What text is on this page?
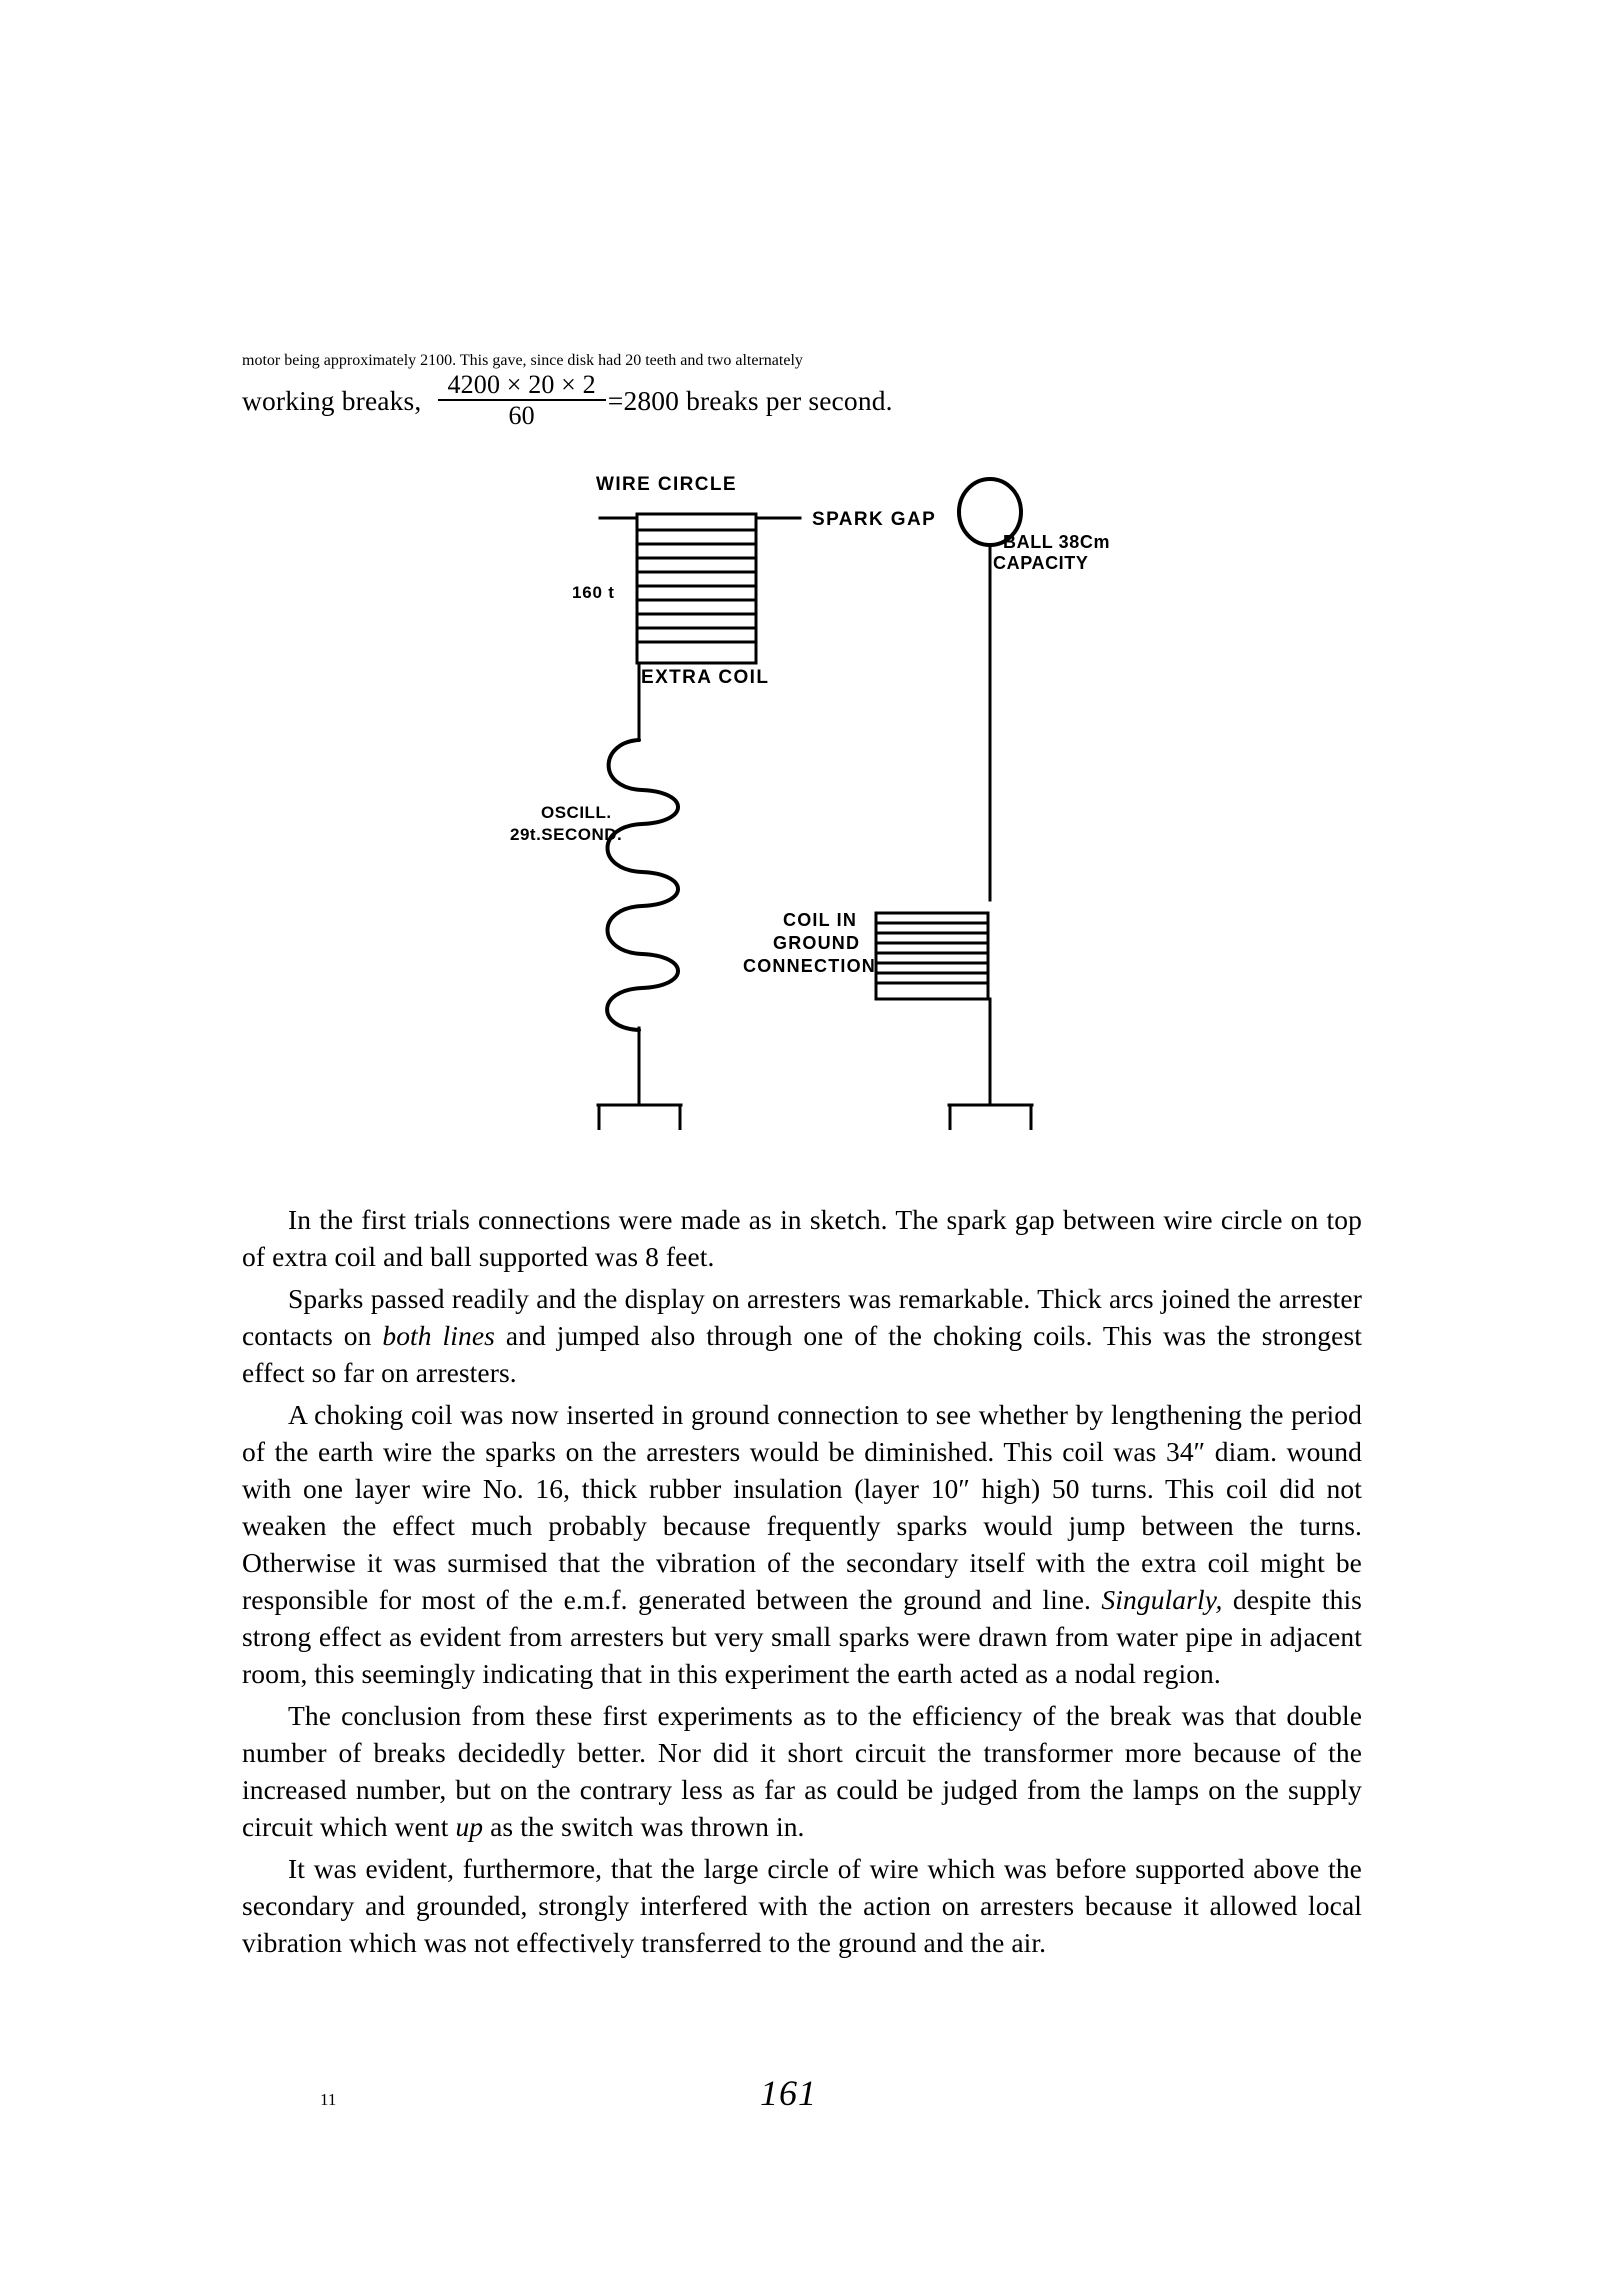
motor being approximately 2100. This gave, since disk had 20 teeth and two alternately
working breaks,
$\frac{4200 \times 20 \times 2}{60} =2800$ breaks per second.
WIRE CIRCLE
SPARK GAP
BALL 38Cm
CAPACITY
160 t
EXTRA COIL
OSCILL.
29t.SECOND.
COIL IN
GROUND
CONNECTION

In the first trials connections were made as in sketch. The spark gap between wire circle on top of extra coil and ball supported was 8 feet.

Sparks passed readily and the display on arresters was remarkable. Thick arcs joined the arrester contacts on both lines and jumped also through one of the choking coils. This was the strongest effect so far on arresters.

A choking coil was now inserted in ground connection to see whether by lengthening the period of the earth wire the sparks on the arresters would be diminished. This coil was 34″ diam. wound with one layer wire No. 16, thick rubber insulation (layer 10″ high) 50 turns. This coil did not weaken the effect much probably because frequently sparks would jump between the turns. Otherwise it was surmised that the vibration of the secondary itself with the extra coil might be responsible for most of the e.m.f. generated between the ground and line. Singularly, despite this strong effect as evident from arresters but very small sparks were drawn from water pipe in adjacent room, this seemingly indicating that in this experiment the earth acted as a nodal region.

The conclusion from these first experiments as to the efficiency of the break was that double number of breaks decidedly better. Nor did it short circuit the transformer more because of the increased number, but on the contrary less as far as could be judged from the lamps on the supply circuit which went up as the switch was thrown in.

It was evident, furthermore, that the large circle of wire which was before supported above the secondary and grounded, strongly interfered with the action on arresters because it allowed local vibration which was not effectively transferred to the ground and the air.

11	161
